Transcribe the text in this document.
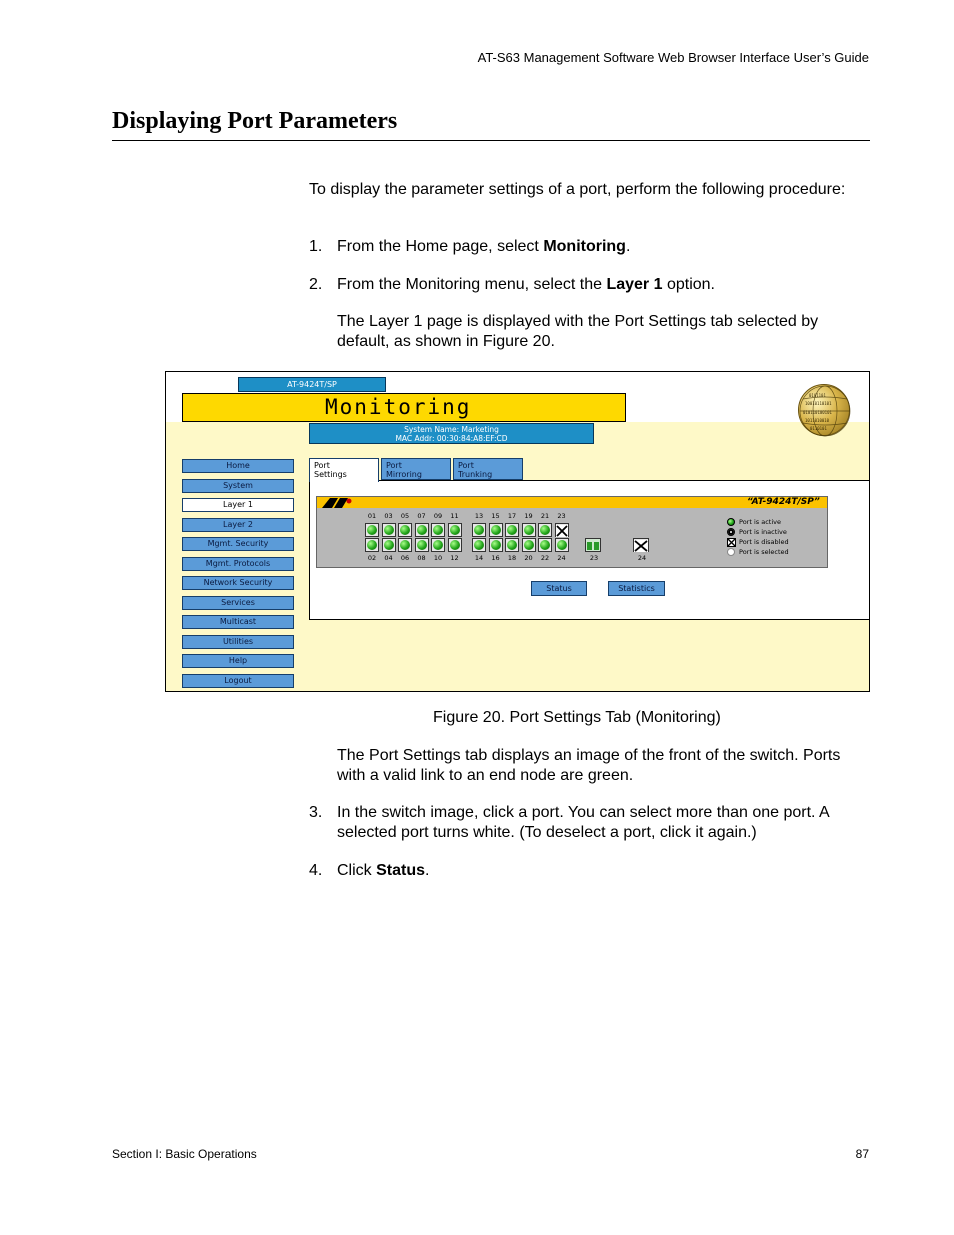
AT-S63 Management Software Web Browser Interface User’s Guide
Displaying Port Parameters
To display the parameter settings of a port, perform the following procedure:
1. From the Home page, select Monitoring.
2. From the Monitoring menu, select the Layer 1 option.
The Layer 1 page is displayed with the Port Settings tab selected by default, as shown in Figure 20.
AT-9424T/SP
Monitoring	0101101
10010110101
010110100101
1011010010
0110101
System Name: Marketing
MAC Addr: 00:30:84:A8:EF:CD
Home
System
Layer 1
Layer 2
Mgmt. Security
Mgmt. Protocols
Network Security
Services
Multicast
Utilities
Help
Logout
Port
Settings
Port
Mirroring
Port
Trunking
“AT-9424T/SP”
01	03	05	07	09	11	13	15	17	19	21	23
02	04	06	08	10	12	14	16	18	20	22	24	23	24
Port is active
Port is inactive
Port is disabled
Port is selected
Status	Statistics
Figure 20. Port Settings Tab (Monitoring)
The Port Settings tab displays an image of the front of the switch. Ports with a valid link to an end node are green.
3. In the switch image, click a port. You can select more than one port. A selected port turns white. (To deselect a port, click it again.)
4. Click Status.
Section I: Basic Operations	87
